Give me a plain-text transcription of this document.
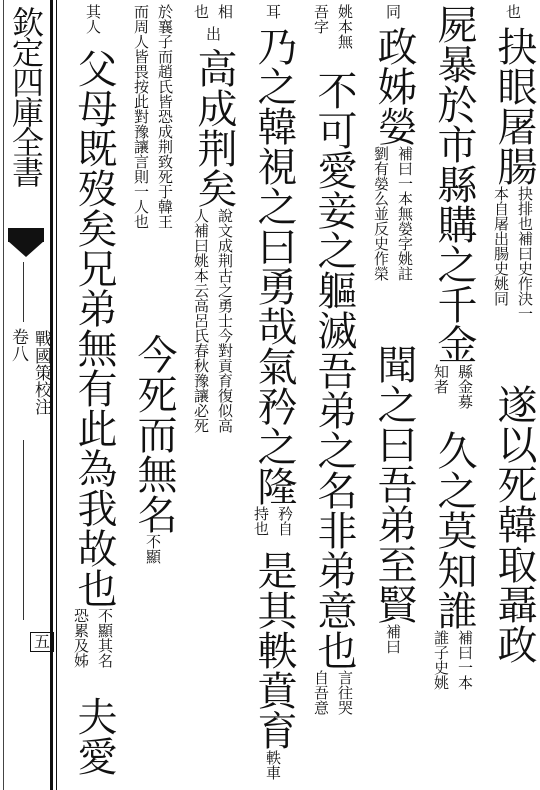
欽定四庫全書
戰國策校注
卷八
五
也
抉眼屠腸
抉排也補曰史作決一
本自屠出腸史姚同
遂以死韓取聶政
屍暴於市縣購之千金
縣金募
知者
久之莫知誰
補曰一本
誰子史姚
同
政姊嫈
補曰一本無嫈字姚註
劉有嫈么並反史作榮
聞之曰吾弟至賢
補曰
姚本無
吾字
不可愛妾之軀滅吾弟之名非弟意也
言往哭
自吾意
耳
乃之韓視之曰勇哉氣矜之隆
矜自
持也
是其軼賁育
軼車
相
也
出
高成荆矣
說文成荆古之勇士今對貢育復似高
人補曰姚本云高呂氏春秋豫讓必死
於襄子而趙氏皆恐成荆致死于韓王
而周人皆畏按此對豫讓言則一人也
今死而無名
不顯
其人
父母既歿矣兄弟無有此為我故也
不顯其名
恐累及姊
夫愛
